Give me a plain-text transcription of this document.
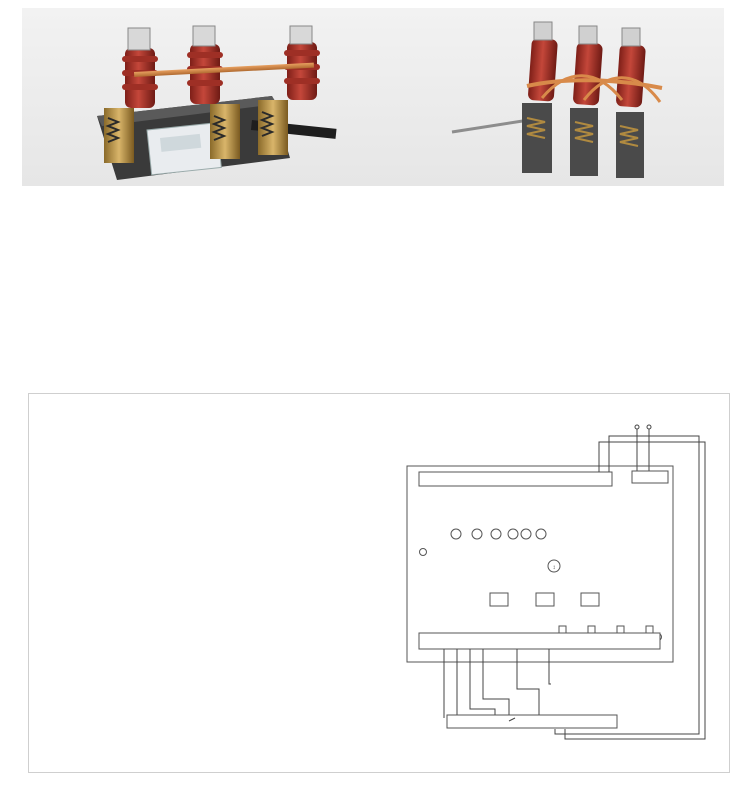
↕
